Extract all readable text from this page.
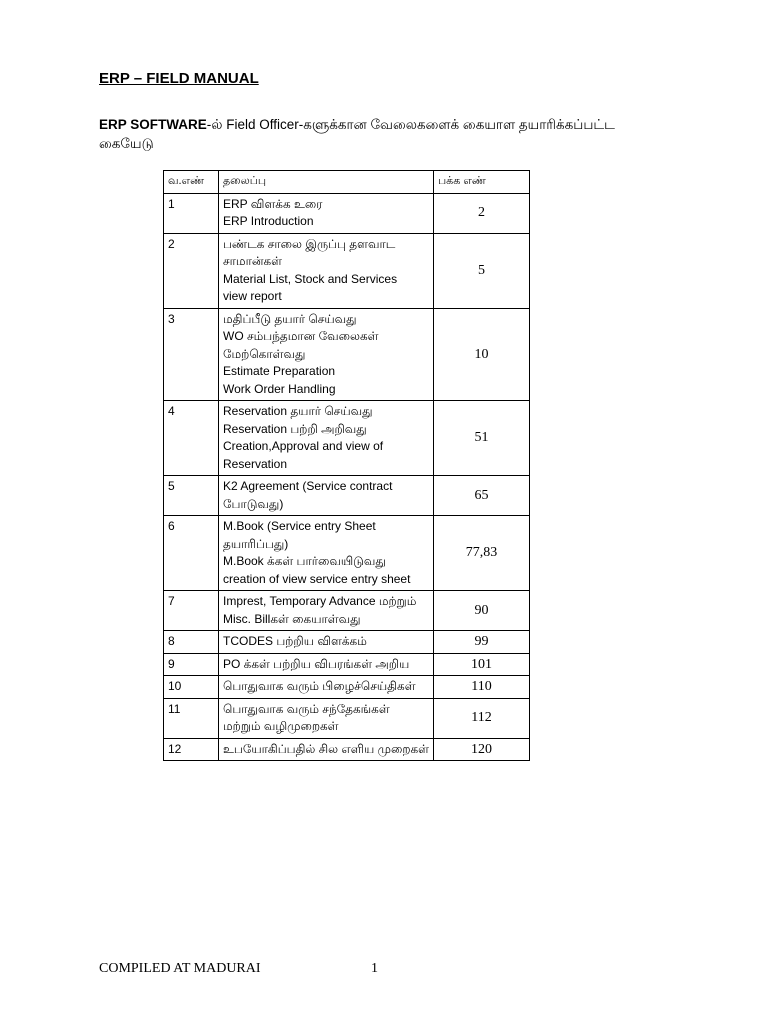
ERP – FIELD MANUAL
ERP SOFTWARE-ல் Field Officer-களுக்கான வேலைகளைக் கையாள தயாரிக்கப்பட்ட கையேடு
வ.எண்	தலைப்பு	பக்க எண்
1	ERP விளக்க உரை
ERP Introduction	2
2	பண்டக சாலை இருப்பு தளவாட
சாமான்கள்
Material List, Stock and Services
view report	5
3	மதிப்பீடு தயார் செய்வது
WO சம்பந்தமான வேலைகள்
மேற்கொள்வது
Estimate Preparation
Work Order Handling	10
4	Reservation தயார் செய்வது
Reservation பற்றி அறிவது
Creation,Approval and view of
Reservation	51
5	K2 Agreement (Service contract
போடுவது)	65
6	M.Book (Service entry Sheet
தயாரிப்பது)
M.Book க்கள் பார்வையிடுவது
creation of view service entry sheet	77,83
7	Imprest, Temporary Advance மற்றும்
Misc. Billகள் கையாள்வது	90
8	TCODES பற்றிய விளக்கம்	99
9	PO க்கள் பற்றிய விபரங்கள் அறிய	101
10	பொதுவாக வரும் பிழைச்செய்திகள்	110
11	பொதுவாக வரும் சந்தேகங்கள்
மற்றும் வழிமுறைகள்	112
12	உபயோகிப்பதில் சில எளிய முறைகள்	120
COMPILED AT MADURAI	1
